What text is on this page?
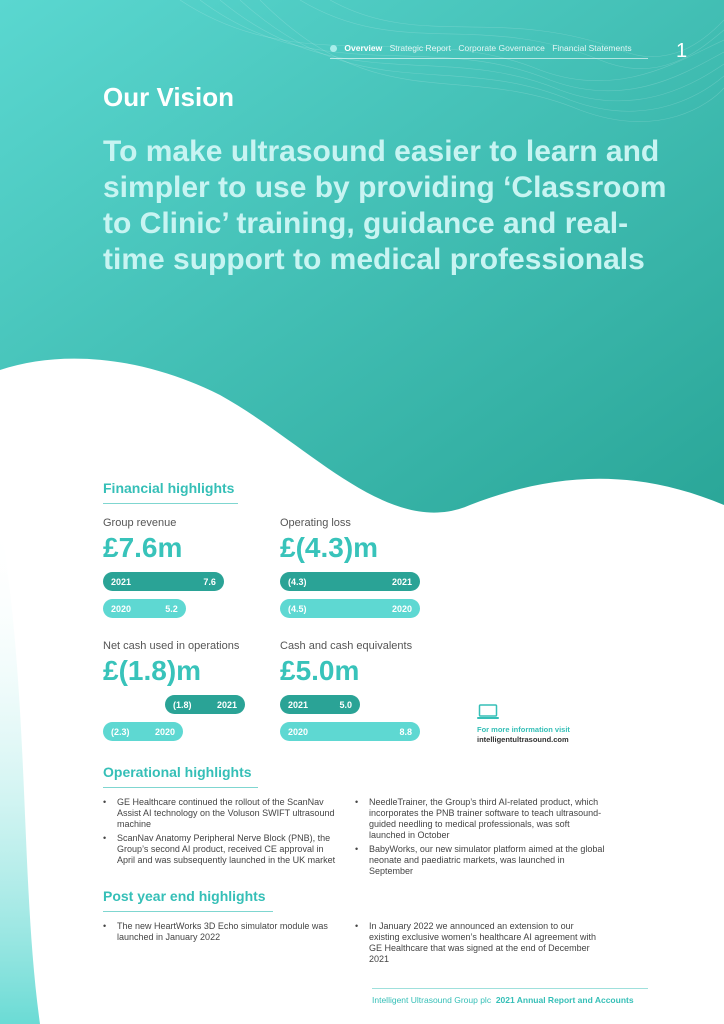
Overview Strategic Report Corporate Governance Financial Statements 1
Our Vision

To make ultrasound easier to learn and simpler to use by providing ‘Classroom to Clinic’ training, guidance and real-time support to medical professionals

Financial highlights
Group revenue
£7.6m
2021	7.6
2020	5.2
Operating loss
£(4.3)m
(4.3)	2021
(4.5)	2020
Net cash used in operations
£(1.8)m
(1.8)	2021
(2.3)	2020
Cash and cash equivalents
£5.0m
2021	5.0
2020	8.8	For more information visit
intelligentultrasound.com
Operational highlights
• GE Healthcare continued the rollout of the ScanNav Assist AI technology on the Voluson SWIFT ultrasound machine
• ScanNav Anatomy Peripheral Nerve Block (PNB), the Group’s second AI product, received CE approval in April and was subsequently launched in the UK market
• NeedleTrainer, the Group’s third AI-related product, which incorporates the PNB trainer software to teach ultrasound-guided needling to medical professionals, was soft launched in October
• BabyWorks, our new simulator platform aimed at the global neonate and paediatric markets, was launched in September
Post year end highlights
• The new HeartWorks 3D Echo simulator module was launched in January 2022
• In January 2022 we announced an extension to our existing exclusive women’s healthcare AI agreement with GE Healthcare that was signed at the end of December 2021
Intelligent Ultrasound Group plc 2021 Annual Report and Accounts
